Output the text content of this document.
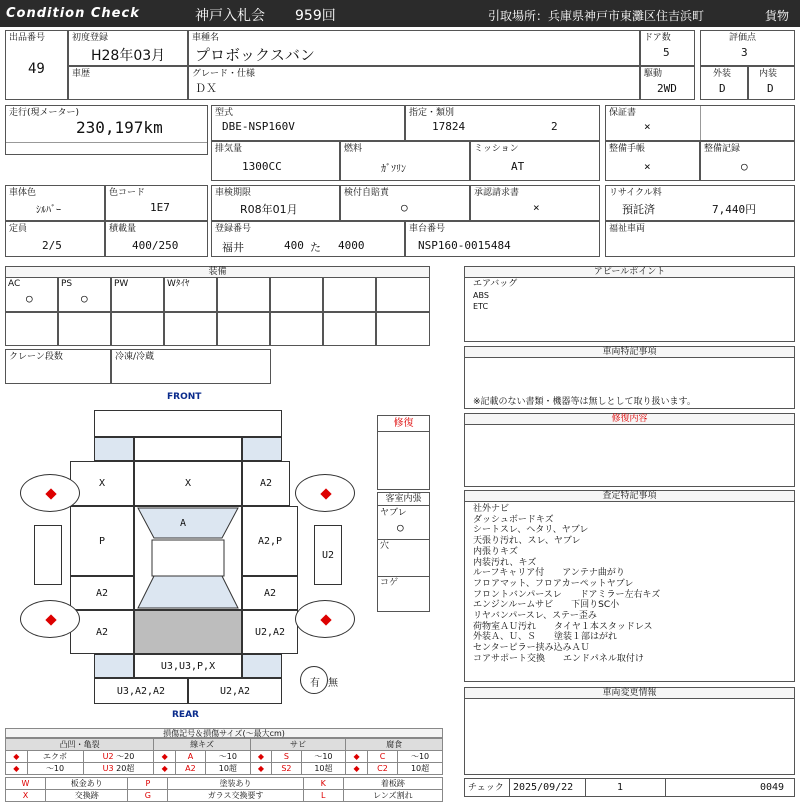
Condition Check	神戸入札会 959回	引取場所：兵庫県神戸市東灘区住吉浜町	貨物
出品番号
49
初度登録
H28年03月
車種名
プロボックスバン
ドア数
5
評価点
3
車歴	グレード・仕様
ＤＸ
駆動
2WD
外装
D
内装
D
走行(現メーター)
230,197km
型式
DBE-NSP160V
指定・類別
17824	2
保証書
×
排気量
1300CC
燃料
ｶﾞｿﾘﾝ
ミッション
AT
整備手帳
×
整備記録
○
車体色
ｼﾙﾊﾞｰ
色コード
1E7
車検期限
R08年01月
検付自賠責
○
承認請求書
×
リサイクル料
預託済	7,440円
定員
2/5
積載量
400/250
登録番号
福井	400 た 4000
車台番号
NSP160-0015484
福祉車両
装備
AC
○
PS
○
PW	Wﾀｲﾔ
クレーン段数	冷凍/冷蔵
アピールポイント
エアバッグ
ABS
ETC
車両特記事項
※記載のない書類・機器等は無しとして取り扱います。
修復内容
査定特記事項
社外ナビ
ダッシュボードキズ
シートスレ、ヘタリ、ヤブレ
天張り汚れ、スレ、ヤブレ
内張りキズ
内装汚れ、キズ
ルーフキャリア付　　アンテナ曲がり
フロアマット、フロアカーペットヤブレ
フロントバンパースレ　　ドアミラー左右キズ
エンジンルームサビ　　下回りSC小
リヤバンパースレ、ステー歪み
荷物室ＡＵ汚れ　　タイヤ１本スタッドレス
外装Ａ、Ｕ、Ｓ　　塗装１部はがれ
センターピラー挟み込みＡＵ
コアサポート交換　　エンドパネル取付け
車両変更情報
チェック 2025/09/22	1	0049
修復
客室内張
ヤブレ
○
穴
コゲ
FRONT
REAR
X	X	A2
P	A2,P
A2	A2
A
A2	U2,A2
U3,U3,P,X
U3,A2,A2	U2,A2
U2
有 無
損傷記号＆損傷サイズ(～最大cm)
凸凹・亀裂			線キズ			サビ			腐食		
◆	エクボ	U2 ～20	◆	A	～10	◆	S	～10	◆	C	～10
◆	～10	U3 20超	◆	A2	10超	◆	S2	10超	◆	C2	10超
W	板金あり	P	塗装あり	K	着板跡
X	交換跡	G	ガラス交換要す	L	レンズ割れ
